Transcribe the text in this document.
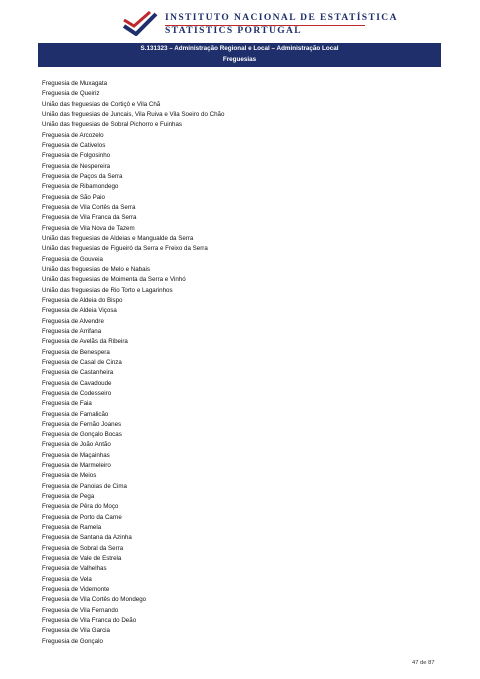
INSTITUTO NACIONAL DE ESTATÍSTICA
STATISTICS PORTUGAL
S.131323 – Administração Regional e Local – Administração Local
Freguesias
Freguesia de Muxagata
Freguesia de Queiriz
União das freguesias de Cortiçô e Vila Chã
União das freguesias de Juncais, Vila Ruiva e Vila Soeiro do Chão
União das freguesias de Sobral Pichorro e Fuinhas
Freguesia de Arcozelo
Freguesia de Cativelos
Freguesia de Folgosinho
Freguesia de Nespereira
Freguesia de Paços da Serra
Freguesia de Ribamondego
Freguesia de São Paio
Freguesia de Vila Cortês da Serra
Freguesia de Vila Franca da Serra
Freguesia de Vila Nova de Tazem
União das freguesias de Aldeias e Mangualde da Serra
União das freguesias de Figueiró da Serra e Freixo da Serra
Freguesia de Gouveia
União das freguesias de Melo e Nabais
União das freguesias de Moimenta da Serra e Vinhó
União das freguesias de Rio Torto e Lagarinhos
Freguesia de Aldeia do Bispo
Freguesia de Aldeia Viçosa
Freguesia de Alvendre
Freguesia de Arrifana
Freguesia de Avelãs da Ribeira
Freguesia de Benespera
Freguesia de Casal de Cinza
Freguesia de Castanheira
Freguesia de Cavadoude
Freguesia de Codesseiro
Freguesia de Faia
Freguesia de Famalicão
Freguesia de Fernão Joanes
Freguesia de Gonçalo Bocas
Freguesia de João Antão
Freguesia de Maçainhas
Freguesia de Marmeleiro
Freguesia de Meios
Freguesia de Panoias de Cima
Freguesia de Pega
Freguesia de Pêra do Moço
Freguesia de Porto da Carne
Freguesia de Ramela
Freguesia de Santana da Azinha
Freguesia de Sobral da Serra
Freguesia de Vale de Estrela
Freguesia de Valhelhas
Freguesia de Vela
Freguesia de Videmonte
Freguesia de Vila Cortês do Mondego
Freguesia de Vila Fernando
Freguesia de Vila Franca do Deão
Freguesia de Vila Garcia
Freguesia de Gonçalo
47 de 87
